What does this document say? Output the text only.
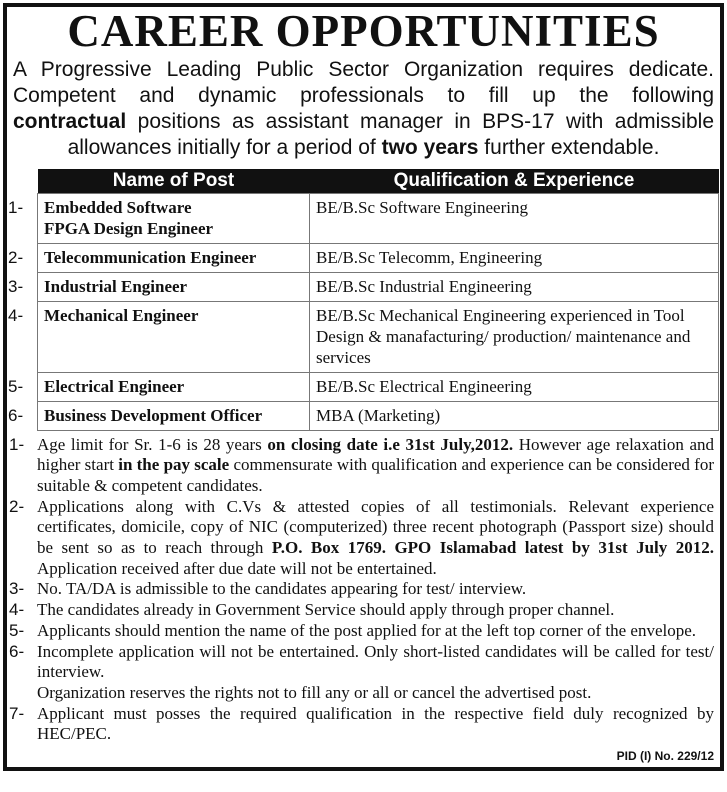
CAREER OPPORTUNITIES

A Progressive Leading Public Sector Organization requires dedicate.

Competent and dynamic professionals to fill up the following

contractual positions as assistant manager in BPS-17 with admissible

allowances initially for a period of two years further extendable.

Name of Post	Qualification & Experience

1- Embedded Software FPGA Design Engineer	BE/B.Sc Software Engineering

2- Telecommunication Engineer	BE/B.Sc Telecomm, Engineering

3- Industrial Engineer	BE/B.Sc Industrial Engineering

4- Mechanical Engineer	BE/B.Sc Mechanical Engineering experienced in Tool Design & manafacturing/ production/ maintenance and services

5- Electrical Engineer	BE/B.Sc Electrical Engineering

6- Business Development Officer	MBA (Marketing)
1- Age limit for Sr. 1-6 is 28 years on closing date i.e 31st July,2012. However age relaxation and higher start in the pay scale commensurate with qualification and experience can be considered for suitable & competent candidates.
2- Applications along with C.Vs & attested copies of all testimonials. Relevant experience certificates, domicile, copy of NIC (computerized) three recent photograph (Passport size) should be sent so as to reach through P.O. Box 1769. GPO Islamabad latest by 31st July 2012. Application received after due date will not be entertained.
3- No. TA/DA is admissible to the candidates appearing for test/ interview.
4- The candidates already in Government Service should apply through proper channel.
5- Applicants should mention the name of the post applied for at the left top corner of the envelope.
6- Incomplete application will not be entertained. Only short-listed candidates will be called for test/ interview.
Organization reserves the rights not to fill any or all or cancel the advertised post.
7- Applicant must posses the required qualification in the respective field duly recognized by HEC/PEC.
PID (I) No. 229/12
